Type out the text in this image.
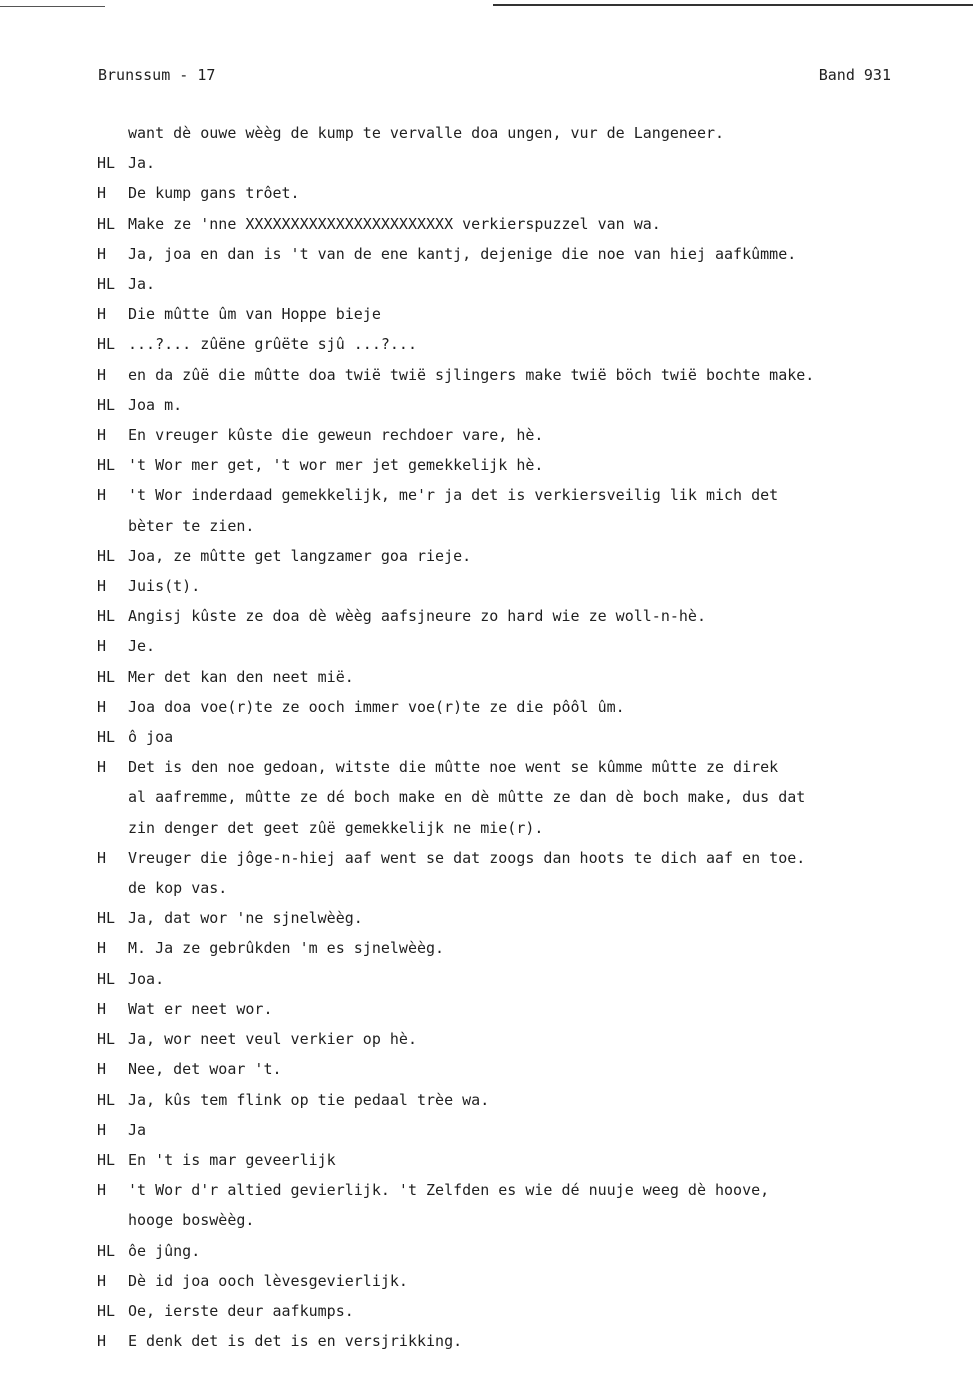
Brunssum - 17	Band 931
want dè ouwe wèèg de kump te vervalle doa ungen, vur de Langeneer.
HL Ja.
H	De kump gans trôet.
HL Make ze 'nne XXXXXXXXXXXXXXXXXXXXXXX verkierspuzzel van wa.
H	Ja, joa en dan is 't van de ene kantj, dejenige die noe van hiej aafkûmme.
HL Ja.
H	Die mûtte ûm van Hoppe bieje
HL ...?... zûëne grûëte sjû ...?...
H	en da zûë die mûtte doa twië twië sjlingers make twië böch twië bochte make.
HL Joa m.
H	En vreuger kûste die geweun rechdoer vare, hè.
HL 't Wor mer get, 't wor mer jet gemekkelijk hè.
H	't Wor inderdaad gemekkelijk, me'r ja det is verkiersveilig lik mich det
bèter te zien.
HL Joa, ze mûtte get langzamer goa rieje.
H	Juis(t).
HL Angisj kûste ze doa dè wèèg aafsjneure zo hard wie ze woll-n-hè.
H	Je.
HL Mer det kan den neet mië.
H	Joa doa voe(r)te ze ooch immer voe(r)te ze die pôôl ûm.
HL ô joa
H	Det is den noe gedoan, witste die mûtte noe went se kûmme mûtte ze direk
al aafremme, mûtte ze dé boch make en dè mûtte ze dan dè boch make, dus dat
zin denger det geet zûë gemekkelijk ne mie(r).
H	Vreuger die jôge-n-hiej aaf went se dat zoogs dan hoots te dich aaf en toe.
de kop vas.
HL Ja, dat wor 'ne sjnelwèèg.
H	M. Ja ze gebrûkden 'm es sjnelwèèg.
HL Joa.
H	Wat er neet wor.
HL Ja, wor neet veul verkier op hè.
H	Nee, det woar 't.
HL Ja, kûs tem flink op tie pedaal trèe wa.
H	Ja
HL En 't is mar geveerlijk
H	't Wor d'r altied gevierlijk. 't Zelfden es wie dé nuuje weeg dè hoove,
hooge boswèèg.
HL ôe jûng.
H	Dè id joa ooch lèvesgevierlijk.
HL Oe, ierste deur aafkumps.
H	E denk det is det is en versjrikking.
